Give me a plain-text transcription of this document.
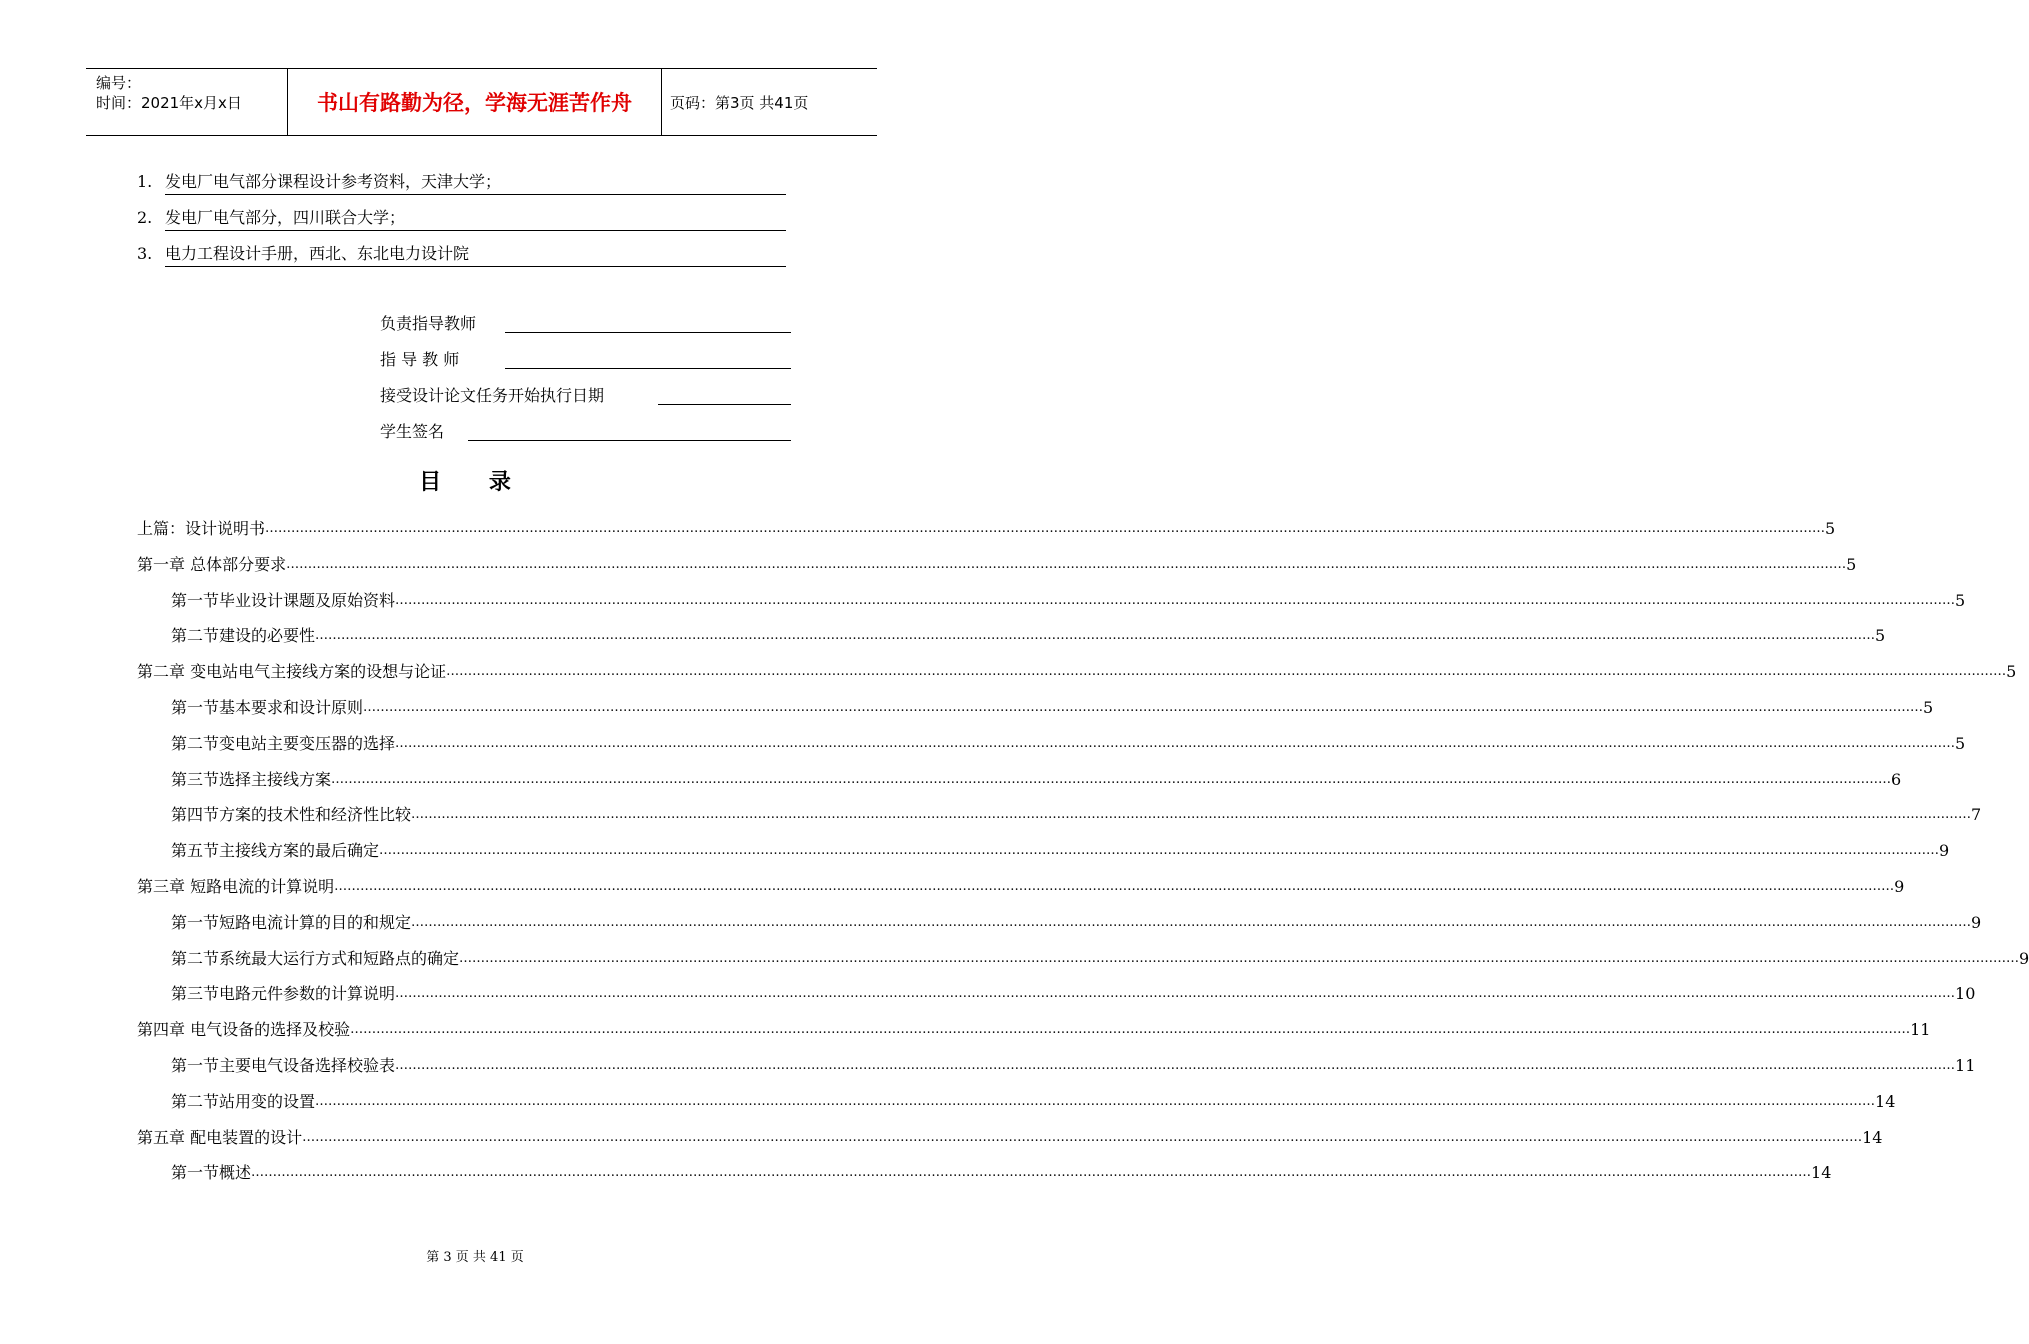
编号：
时间：2021年x月x日	书山有路勤为径，学海无涯苦作舟	页码：第3页 共41页
1. 发电厂电气部分课程设计参考资料，天津大学；
2. 发电厂电气部分，四川联合大学；
3. 电力工程设计手册，西北、东北电力设计院
负责指导教师
指 导 教 师
接受设计论文任务开始执行日期
学生签名
目 录
上篇：设计说明书 ……………………………………………………………………………………………………………………………………………………………………………………………………………………………………………………………………………………………………………………………… 5
第一章 总体部分要求 ……………………………………………………………………………………………………………………………………………………………………………………………………………………………………………………………………………………………………………………………… 5
第一节毕业设计课题及原始资料 ……………………………………………………………………………………………………………………………………………………………………………………………………………………………………………………………………………………………………………………………… 5
第二节建设的必要性 ……………………………………………………………………………………………………………………………………………………………………………………………………………………………………………………………………………………………………………………………… 5
第二章 变电站电气主接线方案的设想与论证 ……………………………………………………………………………………………………………………………………………………………………………………………………………………………………………………………………………………………………………………………… 5
第一节基本要求和设计原则 ……………………………………………………………………………………………………………………………………………………………………………………………………………………………………………………………………………………………………………………………… 5
第二节变电站主要变压器的选择 ……………………………………………………………………………………………………………………………………………………………………………………………………………………………………………………………………………………………………………………………… 5
第三节选择主接线方案 ……………………………………………………………………………………………………………………………………………………………………………………………………………………………………………………………………………………………………………………………… 6
第四节方案的技术性和经济性比较 ……………………………………………………………………………………………………………………………………………………………………………………………………………………………………………………………………………………………………………………………… 7
第五节主接线方案的最后确定 ……………………………………………………………………………………………………………………………………………………………………………………………………………………………………………………………………………………………………………………………… 9
第三章 短路电流的计算说明 ……………………………………………………………………………………………………………………………………………………………………………………………………………………………………………………………………………………………………………………………… 9
第一节短路电流计算的目的和规定 ……………………………………………………………………………………………………………………………………………………………………………………………………………………………………………………………………………………………………………………………… 9
第二节系统最大运行方式和短路点的确定 ……………………………………………………………………………………………………………………………………………………………………………………………………………………………………………………………………………………………………………………………… 9
第三节电路元件参数的计算说明 ……………………………………………………………………………………………………………………………………………………………………………………………………………………………………………………………………………………………………………………………… 10
第四章 电气设备的选择及校验 ……………………………………………………………………………………………………………………………………………………………………………………………………………………………………………………………………………………………………………………………… 11
第一节主要电气设备选择校验表 ……………………………………………………………………………………………………………………………………………………………………………………………………………………………………………………………………………………………………………………………… 11
第二节站用变的设置 ……………………………………………………………………………………………………………………………………………………………………………………………………………………………………………………………………………………………………………………………… 14
第五章 配电装置的设计 ……………………………………………………………………………………………………………………………………………………………………………………………………………………………………………………………………………………………………………………………… 14
第一节概述 ……………………………………………………………………………………………………………………………………………………………………………………………………………………………………………………………………………………………………………………………… 14
第 3 页 共 41 页
